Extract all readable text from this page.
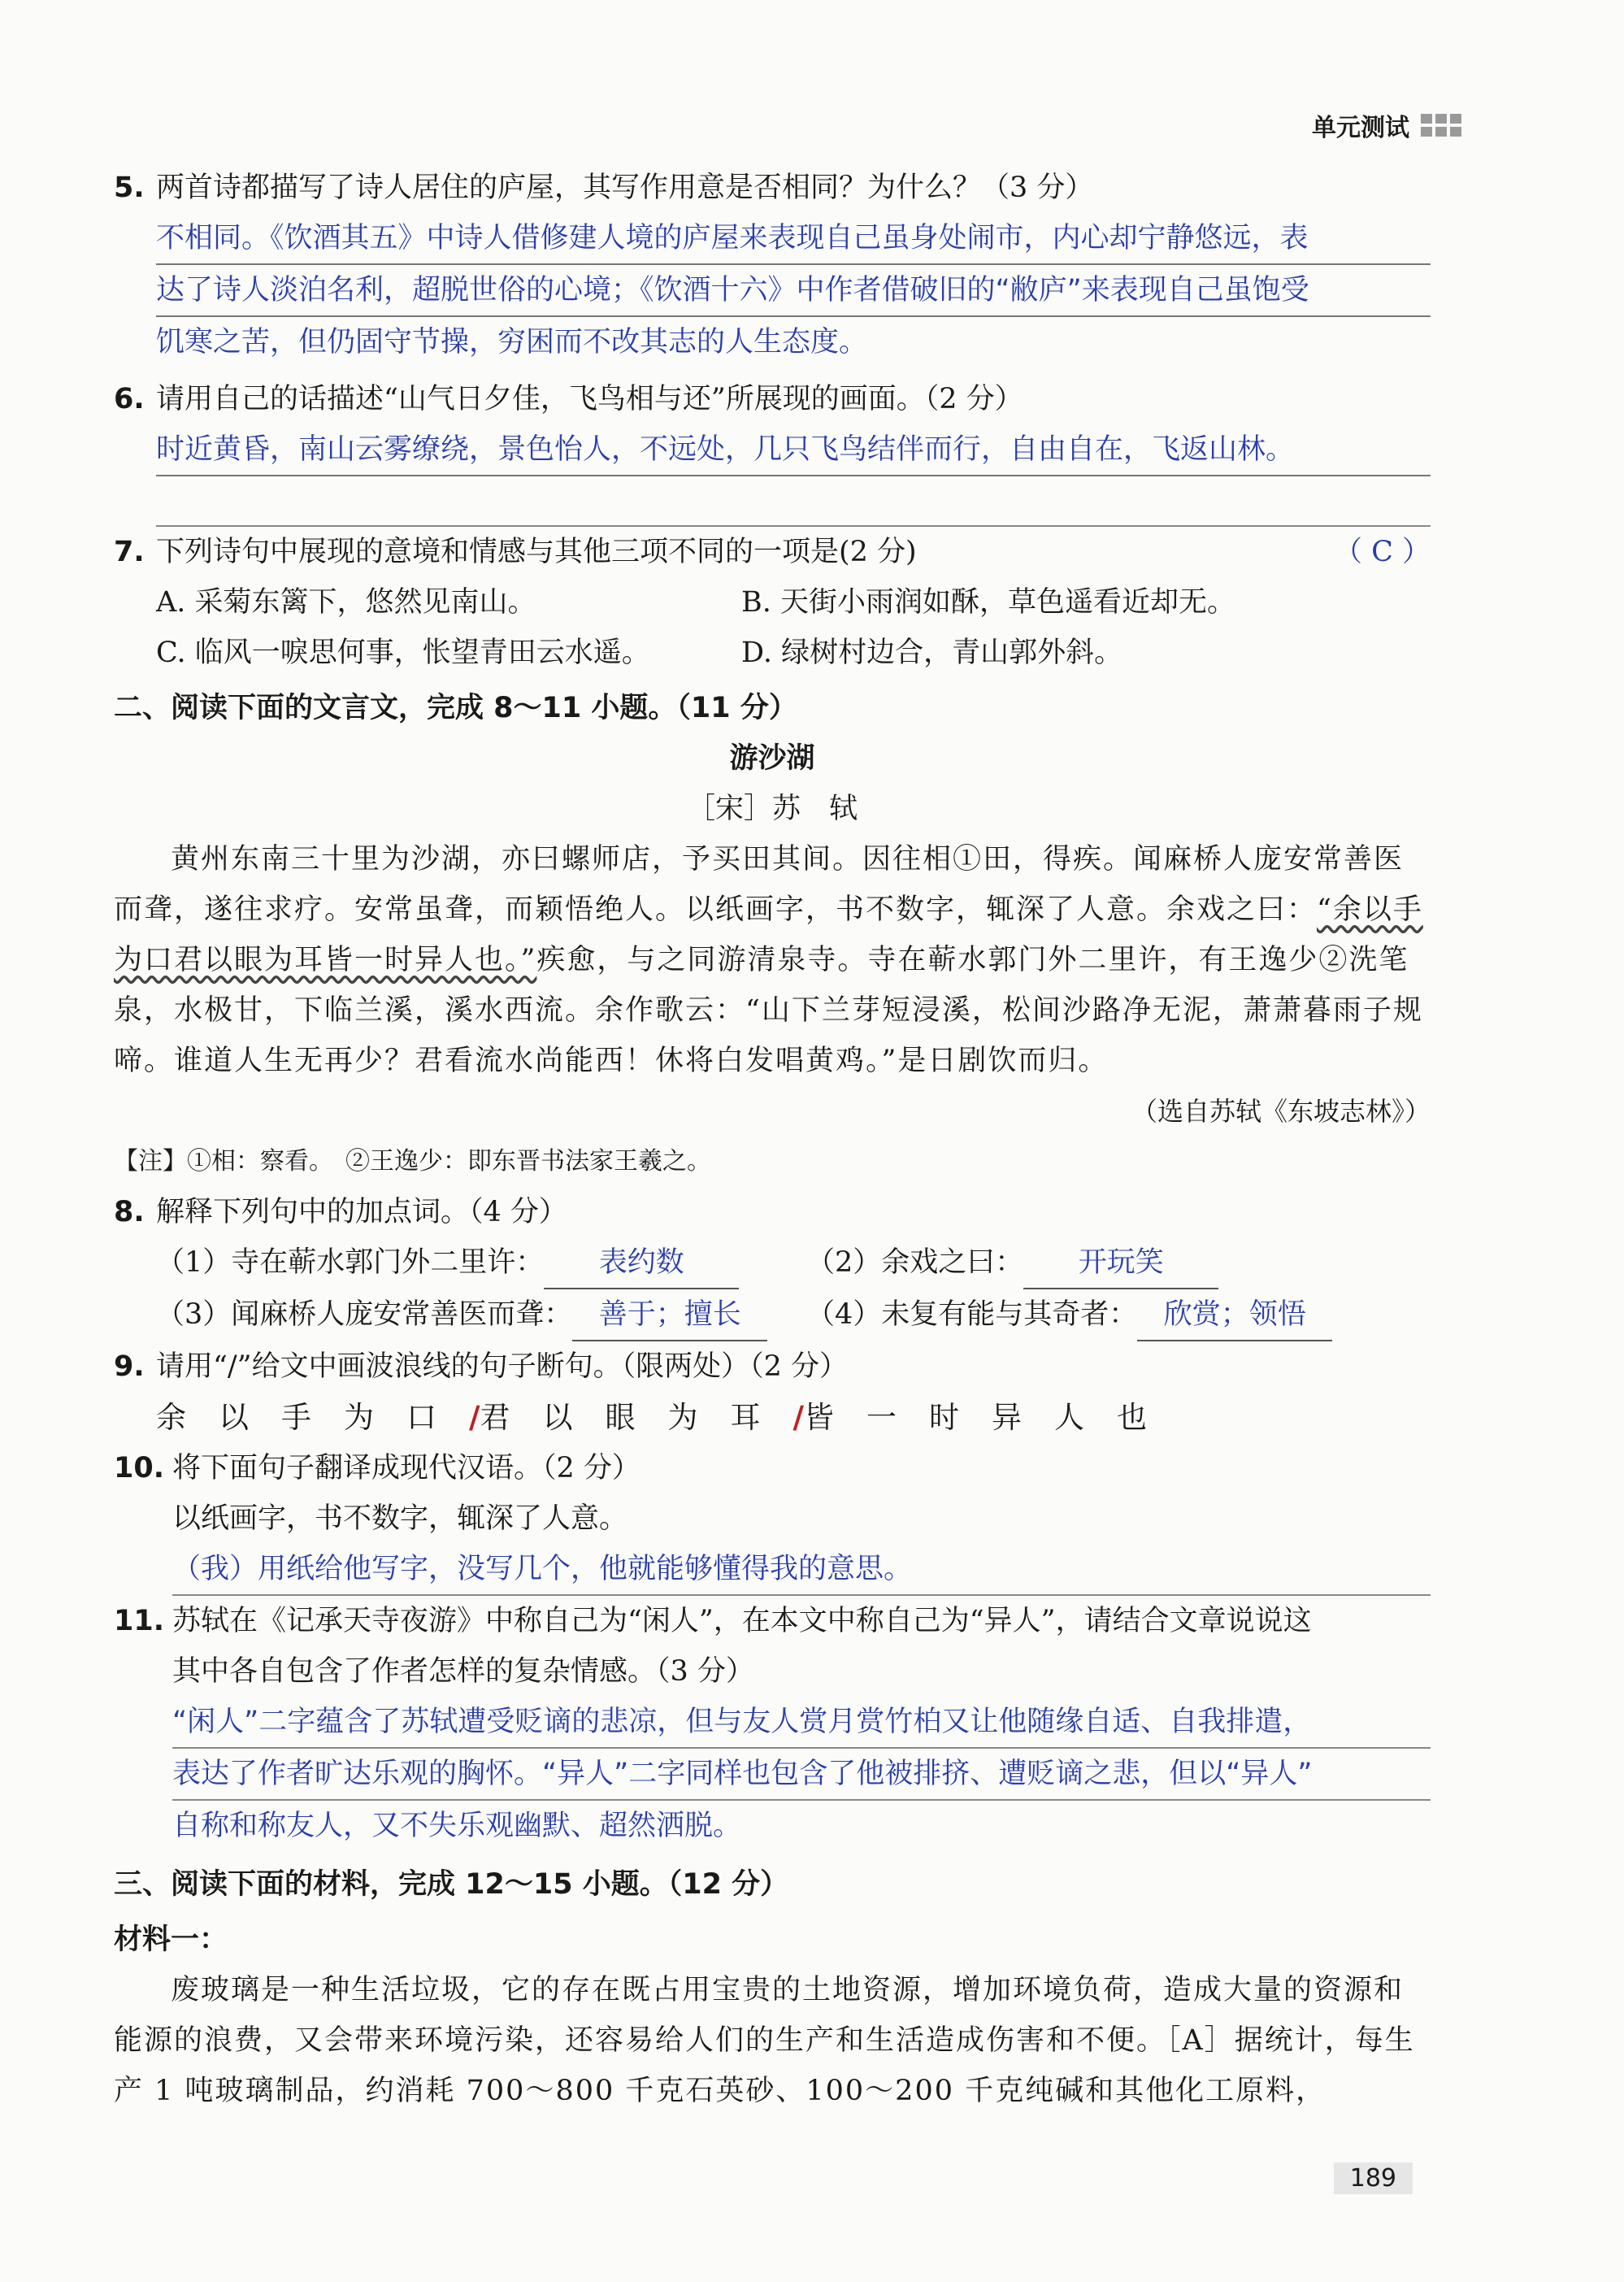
单元测试

5. 两首诗都描写了诗人居住的庐屋，其写作用意是否相同？为什么？（3 分）

不相同。《饮酒其五》中诗人借修建人境的庐屋来表现自己虽身处闹市，内心却宁静悠远，表
达了诗人淡泊名利，超脱世俗的心境；《饮酒十六》中作者借破旧的“敝庐”来表现自己虽饱受
饥寒之苦，但仍固守节操，穷困而不改其志的人生态度。

6. 请用自己的话描述“山气日夕佳，飞鸟相与还”所展现的画面。（2 分）

时近黄昏，南山云雾缭绕，景色怡人，不远处，几只飞鸟结伴而行，自由自在，飞返山林。

7. 下列诗句中展现的意境和情感与其他三项不同的一项是(2 分)	（ C ）

A. 采菊东篱下，悠然见南山。	B. 天街小雨润如酥，草色遥看近却无。
C. 临风一唳思何事，怅望青田云水遥。	D. 绿树村边合，青山郭外斜。
二、阅读下面的文言文，完成 8～11 小题。（11 分）
游沙湖
［宋］苏　轼
黄州东南三十里为沙湖，亦曰螺师店，予买田其间。因往相①田，得疾。闻麻桥人庞安常善医而聋，遂往求疗。安常虽聋，而颖悟绝人。以纸画字，书不数字，辄深了人意。余戏之曰：“余以手为口君以眼为耳皆一时异人也。”疾愈，与之同游清泉寺。寺在蕲水郭门外二里许，有王逸少②洗笔泉，水极甘，下临兰溪，溪水西流。余作歌云：“山下兰芽短浸溪，松间沙路净无泥，萧萧暮雨子规啼。谁道人生无再少？君看流水尚能西！休将白发唱黄鸡。”是日剧饮而归。
（选自苏轼《东坡志林》）
【注】①相：察看。　②王逸少：即东晋书法家王羲之。

8. 解释下列句中的加点词。（4 分）

（1）寺在蕲水郭门外二里许： 表约数	（2）余戏之曰： 开玩笑
（3）闻麻桥人庞安常善医而聋： 善于；擅长	（4）未复有能与其奇者： 欣赏；领悟

9. 请用“/”给文中画波浪线的句子断句。（限两处）（2 分）

余以手为口/君以眼为耳/皆一时异人也

10. 将下面句子翻译成现代汉语。（2 分）

以纸画字，书不数字，辄深了人意。
（我）用纸给他写字，没写几个，他就能够懂得我的意思。

11. 苏轼在《记承天寺夜游》中称自己为“闲人”，在本文中称自己为“异人”，请结合文章说说这

其中各自包含了作者怎样的复杂情感。（3 分）
“闲人”二字蕴含了苏轼遭受贬谪的悲凉，但与友人赏月赏竹柏又让他随缘自适、自我排遣，
表达了作者旷达乐观的胸怀。“异人”二字同样也包含了他被排挤、遭贬谪之悲，但以“异人”
自称和称友人，又不失乐观幽默、超然洒脱。
三、阅读下面的材料，完成 12～15 小题。（12 分）
材料一：
废玻璃是一种生活垃圾，它的存在既占用宝贵的土地资源，增加环境负荷，造成大量的资源和能源的浪费，又会带来环境污染，还容易给人们的生产和生活造成伤害和不便。［A］据统计，每生产 1 吨玻璃制品，约消耗 700～800 千克石英砂、100～200 千克纯碱和其他化工原料，
189
